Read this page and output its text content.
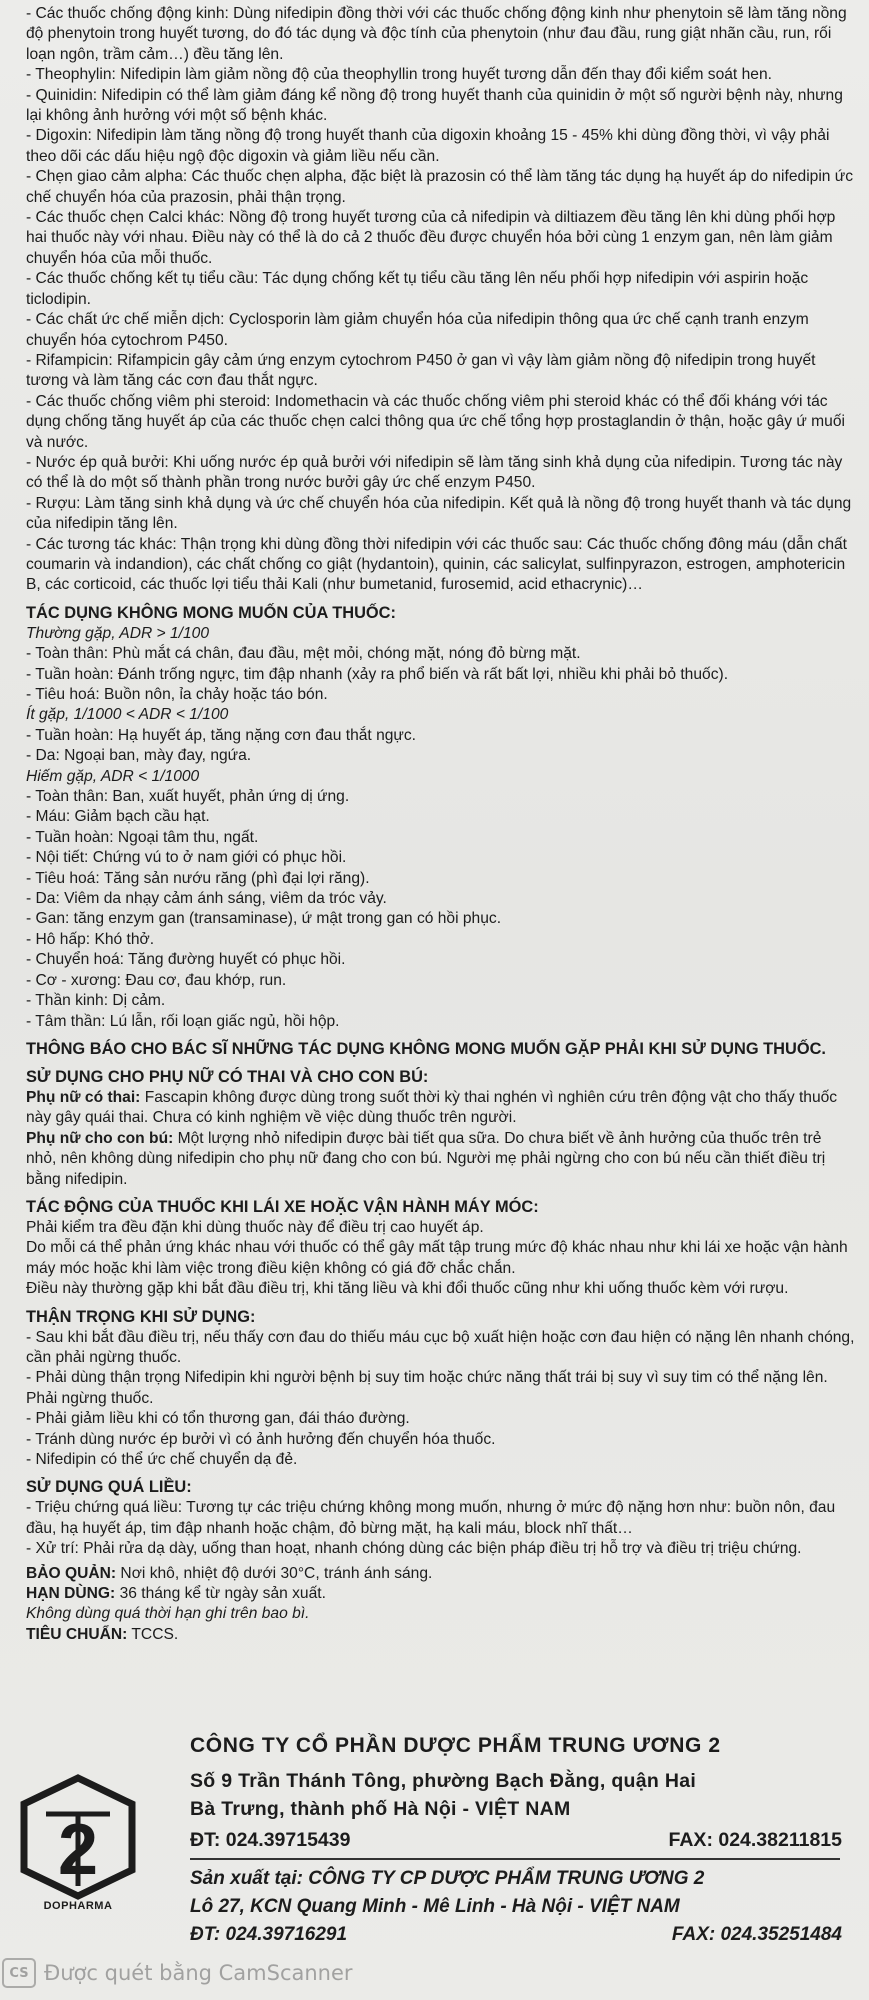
- Các thuốc chống động kinh: Dùng nifedipin đồng thời với các thuốc chống động kinh như phenytoin sẽ làm tăng nồng độ phenytoin trong huyết tương, do đó tác dụng và độc tính của phenytoin (như đau đầu, rung giật nhãn cầu, run, rối loạn ngôn, trầm cảm…) đều tăng lên.

- Theophylin: Nifedipin làm giảm nồng độ của theophyllin trong huyết tương dẫn đến thay đổi kiểm soát hen.

- Quinidin: Nifedipin có thể làm giảm đáng kể nồng độ trong huyết thanh của quinidin ở một số người bệnh này, nhưng lại không ảnh hưởng với một số bệnh khác.

- Digoxin: Nifedipin làm tăng nồng độ trong huyết thanh của digoxin khoảng 15 - 45% khi dùng đồng thời, vì vậy phải theo dõi các dấu hiệu ngộ độc digoxin và giảm liều nếu cần.

- Chẹn giao cảm alpha: Các thuốc chẹn alpha, đặc biệt là prazosin có thể làm tăng tác dụng hạ huyết áp do nifedipin ức chế chuyển hóa của prazosin, phải thận trọng.

- Các thuốc chẹn Calci khác: Nồng độ trong huyết tương của cả nifedipin và diltiazem đều tăng lên khi dùng phối hợp hai thuốc này với nhau. Điều này có thể là do cả 2 thuốc đều được chuyển hóa bởi cùng 1 enzym gan, nên làm giảm chuyển hóa của mỗi thuốc.

- Các thuốc chống kết tụ tiểu cầu: Tác dụng chống kết tụ tiểu cầu tăng lên nếu phối hợp nifedipin với aspirin hoặc ticlodipin.

- Các chất ức chế miễn dịch: Cyclosporin làm giảm chuyển hóa của nifedipin thông qua ức chế cạnh tranh enzym chuyển hóa cytochrom P450.

- Rifampicin: Rifampicin gây cảm ứng enzym cytochrom P450 ở gan vì vậy làm giảm nồng độ nifedipin trong huyết tương và làm tăng các cơn đau thắt ngực.

- Các thuốc chống viêm phi steroid: Indomethacin và các thuốc chống viêm phi steroid khác có thể đối kháng với tác dụng chống tăng huyết áp của các thuốc chẹn calci thông qua ức chế tổng hợp prostaglandin ở thận, hoặc gây ứ muối và nước.

- Nước ép quả bưởi: Khi uống nước ép quả bưởi với nifedipin sẽ làm tăng sinh khả dụng của nifedipin. Tương tác này có thể là do một số thành phần trong nước bưởi gây ức chế enzym P450.

- Rượu: Làm tăng sinh khả dụng và ức chế chuyển hóa của nifedipin. Kết quả là nồng độ trong huyết thanh và tác dụng của nifedipin tăng lên.

- Các tương tác khác: Thận trọng khi dùng đồng thời nifedipin với các thuốc sau: Các thuốc chống đông máu (dẫn chất coumarin và indandion), các chất chống co giật (hydantoin), quinin, các salicylat, sulfinpyrazon, estrogen, amphotericin B, các corticoid, các thuốc lợi tiểu thải Kali (như bumetanid, furosemid, acid ethacrynic)…

TÁC DỤNG KHÔNG MONG MUỐN CỦA THUỐC:

Thường gặp, ADR > 1/100

- Toàn thân: Phù mắt cá chân, đau đầu, mệt mỏi, chóng mặt, nóng đỏ bừng mặt.

- Tuần hoàn: Đánh trống ngực, tim đập nhanh (xảy ra phổ biến và rất bất lợi, nhiều khi phải bỏ thuốc).

- Tiêu hoá: Buồn nôn, ỉa chảy hoặc táo bón.

Ít gặp, 1/1000 < ADR < 1/100

- Tuần hoàn: Hạ huyết áp, tăng nặng cơn đau thắt ngực.

- Da: Ngoại ban, mày đay, ngứa.

Hiếm gặp, ADR < 1/1000

- Toàn thân: Ban, xuất huyết, phản ứng dị ứng.

- Máu: Giảm bạch cầu hạt.

- Tuần hoàn: Ngoại tâm thu, ngất.

- Nội tiết: Chứng vú to ở nam giới có phục hồi.

- Tiêu hoá: Tăng sản nướu răng (phì đại lợi răng).

- Da: Viêm da nhạy cảm ánh sáng, viêm da tróc vảy.

- Gan: tăng enzym gan (transaminase), ứ mật trong gan có hồi phục.

- Hô hấp: Khó thở.

- Chuyển hoá: Tăng đường huyết có phục hồi.

- Cơ - xương: Đau cơ, đau khớp, run.

- Thần kinh: Dị cảm.

- Tâm thần: Lú lẫn, rối loạn giấc ngủ, hồi hộp.

THÔNG BÁO CHO BÁC SĨ NHỮNG TÁC DỤNG KHÔNG MONG MUỐN GẶP PHẢI KHI SỬ DỤNG THUỐC.

SỬ DỤNG CHO PHỤ NỮ CÓ THAI VÀ CHO CON BÚ:

Phụ nữ có thai: Fascapin không được dùng trong suốt thời kỳ thai nghén vì nghiên cứu trên động vật cho thấy thuốc này gây quái thai. Chưa có kinh nghiệm về việc dùng thuốc trên người.

Phụ nữ cho con bú: Một lượng nhỏ nifedipin được bài tiết qua sữa. Do chưa biết về ảnh hưởng của thuốc trên trẻ nhỏ, nên không dùng nifedipin cho phụ nữ đang cho con bú. Người mẹ phải ngừng cho con bú nếu cần thiết điều trị bằng nifedipin.

TÁC ĐỘNG CỦA THUỐC KHI LÁI XE HOẶC VẬN HÀNH MÁY MÓC:

Phải kiểm tra đều đặn khi dùng thuốc này để điều trị cao huyết áp.

Do mỗi cá thể phản ứng khác nhau với thuốc có thể gây mất tập trung mức độ khác nhau như khi lái xe hoặc vận hành máy móc hoặc khi làm việc trong điều kiện không có giá đỡ chắc chắn.

Điều này thường gặp khi bắt đầu điều trị, khi tăng liều và khi đổi thuốc cũng như khi uống thuốc kèm với rượu.

THẬN TRỌNG KHI SỬ DỤNG:

- Sau khi bắt đầu điều trị, nếu thấy cơn đau do thiếu máu cục bộ xuất hiện hoặc cơn đau hiện có nặng lên nhanh chóng, cần phải ngừng thuốc.

- Phải dùng thận trọng Nifedipin khi người bệnh bị suy tim hoặc chức năng thất trái bị suy vì suy tim có thể nặng lên. Phải ngừng thuốc.

- Phải giảm liều khi có tổn thương gan, đái tháo đường.

- Tránh dùng nước ép bưởi vì có ảnh hưởng đến chuyển hóa thuốc.

- Nifedipin có thể ức chế chuyển dạ đẻ.

SỬ DỤNG QUÁ LIỀU:

- Triệu chứng quá liều: Tương tự các triệu chứng không mong muốn, nhưng ở mức độ nặng hơn như: buồn nôn, đau đầu, hạ huyết áp, tim đập nhanh hoặc chậm, đỏ bừng mặt, hạ kali máu, block nhĩ thất…

- Xử trí: Phải rửa dạ dày, uống than hoạt, nhanh chóng dùng các biện pháp điều trị hỗ trợ và điều trị triệu chứng.

BẢO QUẢN: Nơi khô, nhiệt độ dưới 30°C, tránh ánh sáng.

HẠN DÙNG: 36 tháng kể từ ngày sản xuất.

Không dùng quá thời hạn ghi trên bao bì.

TIÊU CHUẨN: TCCS.

2
DOPHARMA
CÔNG TY CỔ PHẦN DƯỢC PHẨM TRUNG ƯƠNG 2
Số 9 Trần Thánh Tông, phường Bạch Đằng, quận Hai
Bà Trưng, thành phố Hà Nội - VIỆT NAM
ĐT: 024.39715439	FAX: 024.38211815
Sản xuất tại: CÔNG TY CP DƯỢC PHẨM TRUNG ƯƠNG 2
Lô 27, KCN Quang Minh - Mê Linh - Hà Nội - VIỆT NAM
ĐT: 024.39716291	FAX: 024.35251484
CS Được quét bằng CamScanner
